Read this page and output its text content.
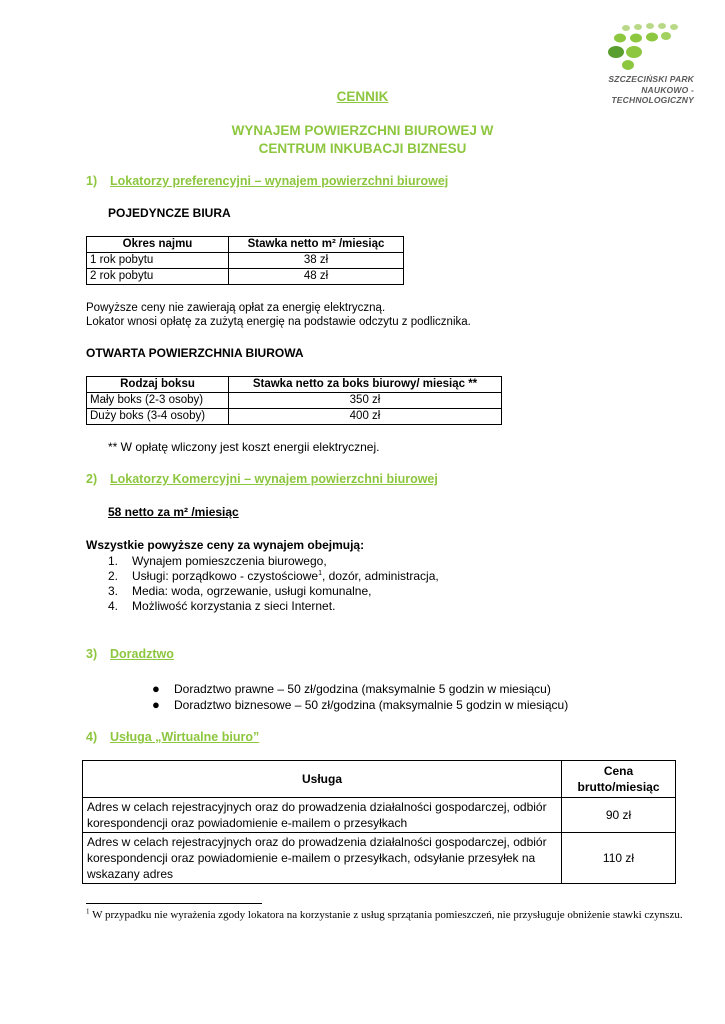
SZCZECIŃSKI PARK
NAUKOWO - TECHNOLOGICZNY
CENNIK
WYNAJEM POWIERZCHNI BIUROWEJ W
CENTRUM INKUBACJI BIZNESU
1) Lokatorzy preferencyjni – wynajem powierzchni biurowej
POJEDYNCZE BIURA
Okres najmu	Stawka netto m² /miesiąc
1 rok pobytu	38 zł
2 rok pobytu	48 zł
Powyższe ceny nie zawierają opłat za energię elektryczną.
Lokator wnosi opłatę za zużytą energię na podstawie odczytu z podlicznika.
OTWARTA POWIERZCHNIA BIUROWA
Rodzaj boksu	Stawka netto za boks biurowy/ miesiąc **
Mały boks (2-3 osoby)	350 zł
Duży boks (3-4 osoby)	400 zł
** W opłatę wliczony jest koszt energii elektrycznej.
2) Lokatorzy Komercyjni – wynajem powierzchni biurowej
58 netto za m² /miesiąc
Wszystkie powyższe ceny za wynajem obejmują:
1. Wynajem pomieszczenia biurowego,
2. Usługi: porządkowo - czystościowe$^1$, dozór, administracja,
3. Media: woda, ogrzewanie, usługi komunalne,
4. Możliwość korzystania z sieci Internet.
3) Doradztwo
● Doradztwo prawne – 50 zł/godzina (maksymalnie 5 godzin w miesiącu)
● Doradztwo biznesowe – 50 zł/godzina (maksymalnie 5 godzin w miesiącu)
4) Usługa „Wirtualne biuro”
Usługa	Cena brutto/miesiąc
Adres w celach rejestracyjnych oraz do prowadzenia działalności gospodarczej, odbiór korespondencji oraz powiadomienie e-mailem o przesyłkach	90 zł
Adres w celach rejestracyjnych oraz do prowadzenia działalności gospodarczej, odbiór korespondencji oraz powiadomienie e-mailem o przesyłkach, odsyłanie przesyłek na wskazany adres	110 zł
$^1$ W przypadku nie wyrażenia zgody lokatora na korzystanie z usług sprzątania pomieszczeń, nie przysługuje obniżenie stawki czynszu.
